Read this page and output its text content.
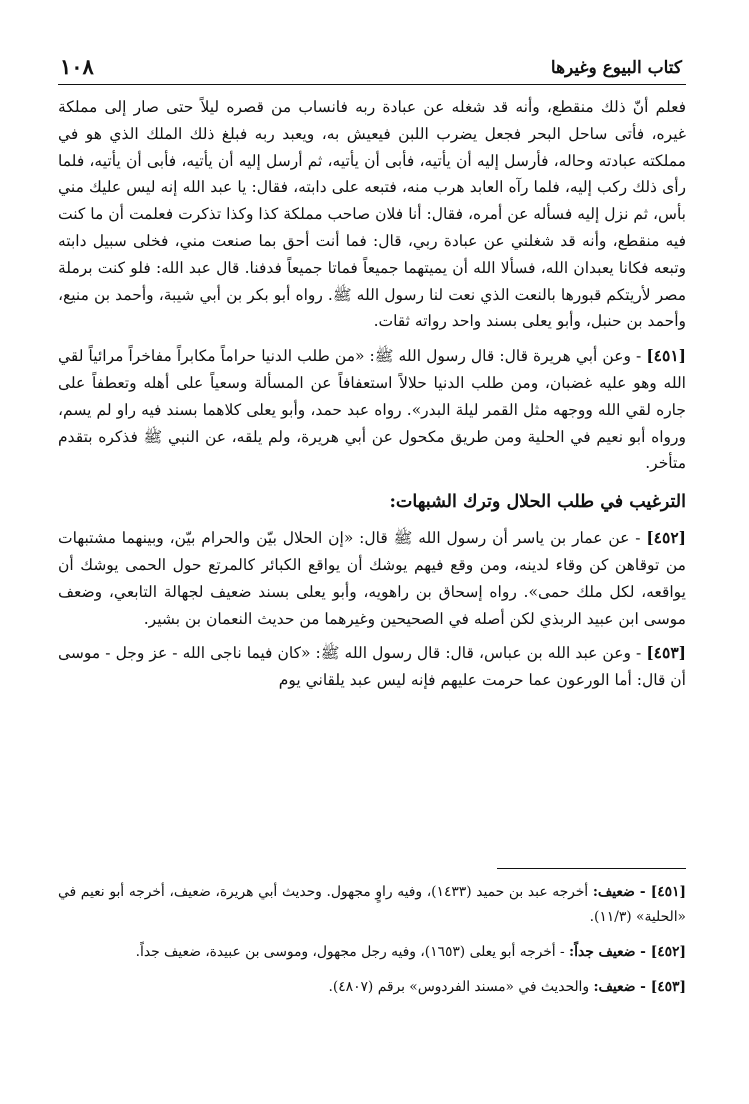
كتاب البيوع وغيرها
١٠٨

فعلم أنّ ذلك منقطع، وأنه قد شغله عن عبادة ربه فانساب من قصره ليلاً حتى صار إلى مملكة غيره، فأتى ساحل البحر فجعل يضرب اللبن فيعيش به، ويعبد ربه فبلغ ذلك الملك الذي هو في مملكته عبادته وحاله، فأرسل إليه أن يأتيه، فأبى أن يأتيه، ثم أرسل إليه أن يأتيه، فأبى أن يأتيه، فلما رأى ذلك ركب إليه، فلما رآه العابد هرب منه، فتبعه على دابته، فقال: يا عبد الله إنه ليس عليك مني بأس، ثم نزل إليه فسأله عن أمره، فقال: أنا فلان صاحب مملكة كذا وكذا تذكرت فعلمت أن ما كنت فيه منقطع، وأنه قد شغلني عن عبادة ربي، قال: فما أنت أحق بما صنعت مني، فخلى سبيل دابته وتبعه فكانا يعبدان الله، فسألا الله أن يميتهما جميعاً فماتا جميعاً فدفنا. قال عبد الله: فلو كنت برملة مصر لأريتكم قبورها بالنعت الذي نعت لنا رسول الله ﷺ. رواه أبو بكر بن أبي شيبة، وأحمد بن منيع، وأحمد بن حنبل، وأبو يعلى بسند واحد رواته ثقات.

[٤٥١] - وعن أبي هريرة قال: قال رسول الله ﷺ: «من طلب الدنيا حراماً مكابراً مفاخراً مرائياً لقي الله وهو عليه غضبان، ومن طلب الدنيا حلالاً استعفافاً عن المسألة وسعياً على أهله وتعطفاً على جاره لقي الله ووجهه مثل القمر ليلة البدر». رواه عبد حمد، وأبو يعلى كلاهما بسند فيه راو لم يسم، ورواه أبو نعيم في الحلية ومن طريق مكحول عن أبي هريرة، ولم يلقه، عن النبي ﷺ فذكره بتقدم متأخر.

الترغيب في طلب الحلال وترك الشبهات:

[٤٥٢] - عن عمار بن ياسر أن رسول الله ﷺ قال: «إن الحلال بيّن والحرام بيّن، وبينهما مشتبهات من توقاهن كن وقاء لدينه، ومن وقع فيهم يوشك أن يواقع الكبائر كالمرتع حول الحمى يوشك أن يواقعه، لكل ملك حمى». رواه إسحاق بن راهويه، وأبو يعلى بسند ضعيف لجهالة التابعي، وضعف موسى ابن عبيد الربذي لكن أصله في الصحيحين وغيرهما من حديث النعمان بن بشير.

[٤٥٣] - وعن عبد الله بن عباس، قال: قال رسول الله ﷺ: «كان فيما ناجى الله - عز وجل - موسى أن قال: أما الورعون عما حرمت عليهم فإنه ليس عبد يلقاني يوم

[٤٥١] - ضعيف: أخرجه عبد بن حميد (١٤٣٣)، وفيه راوٍ مجهول. وحديث أبي هريرة، ضعيف، أخرجه أبو نعيم في «الحلية» (١١/٣).

[٤٥٢] - ضعيف جداً: - أخرجه أبو يعلى (١٦٥٣)، وفيه رجل مجهول، وموسى بن عبيدة، ضعيف جداً.

[٤٥٣] - ضعيف: والحديث في «مسند الفردوس» برقم (٤٨٠٧).
